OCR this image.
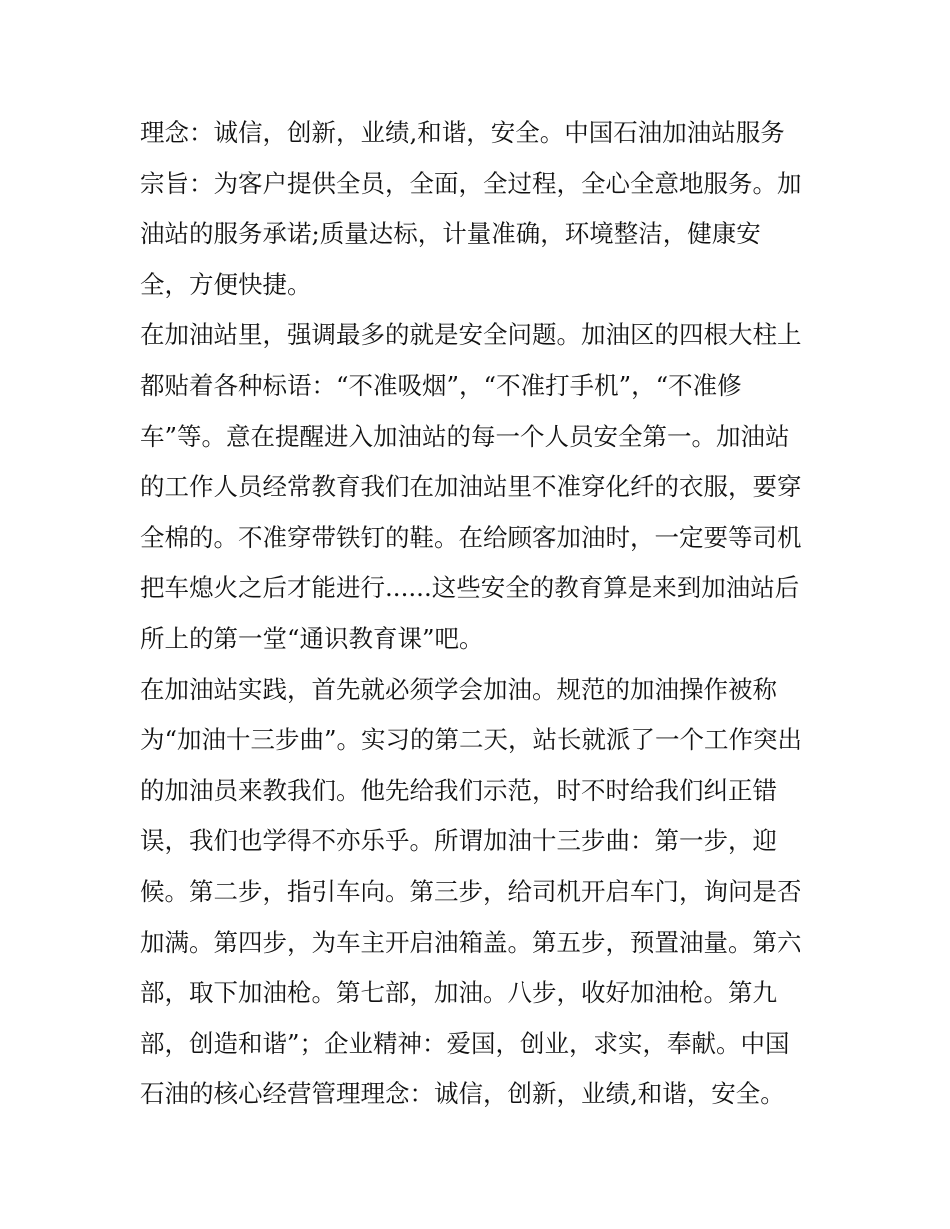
理念：诚信，创新，业绩,和谐，安全。中国石油加油站服务
宗旨：为客户提供全员，全面，全过程，全心全意地服务。加
油站的服务承诺;质量达标，计量准确，环境整洁，健康安
全，方便快捷。
在加油站里，强调最多的就是安全问题。加油区的四根大柱上
都贴着各种标语：“不准吸烟”，“不准打手机”，“不准修
车”等。意在提醒进入加油站的每一个人员安全第一。加油站
的工作人员经常教育我们在加油站里不准穿化纤的衣服，要穿
全棉的。不准穿带铁钉的鞋。在给顾客加油时，一定要等司机
把车熄火之后才能进行......这些安全的教育算是来到加油站后
所上的第一堂“通识教育课”吧。
在加油站实践，首先就必须学会加油。规范的加油操作被称
为“加油十三步曲”。实习的第二天，站长就派了一个工作突出
的加油员来教我们。他先给我们示范，时不时给我们纠正错
误，我们也学得不亦乐乎。所谓加油十三步曲：第一步，迎
候。第二步，指引车向。第三步，给司机开启车门，询问是否
加满。第四步，为车主开启油箱盖。第五步，预置油量。第六
部，取下加油枪。第七部，加油。八步，收好加油枪。第九
部，创造和谐”；企业精神：爱国，创业，求实，奉献。中国
石油的核心经营管理理念：诚信，创新，业绩,和谐，安全。
